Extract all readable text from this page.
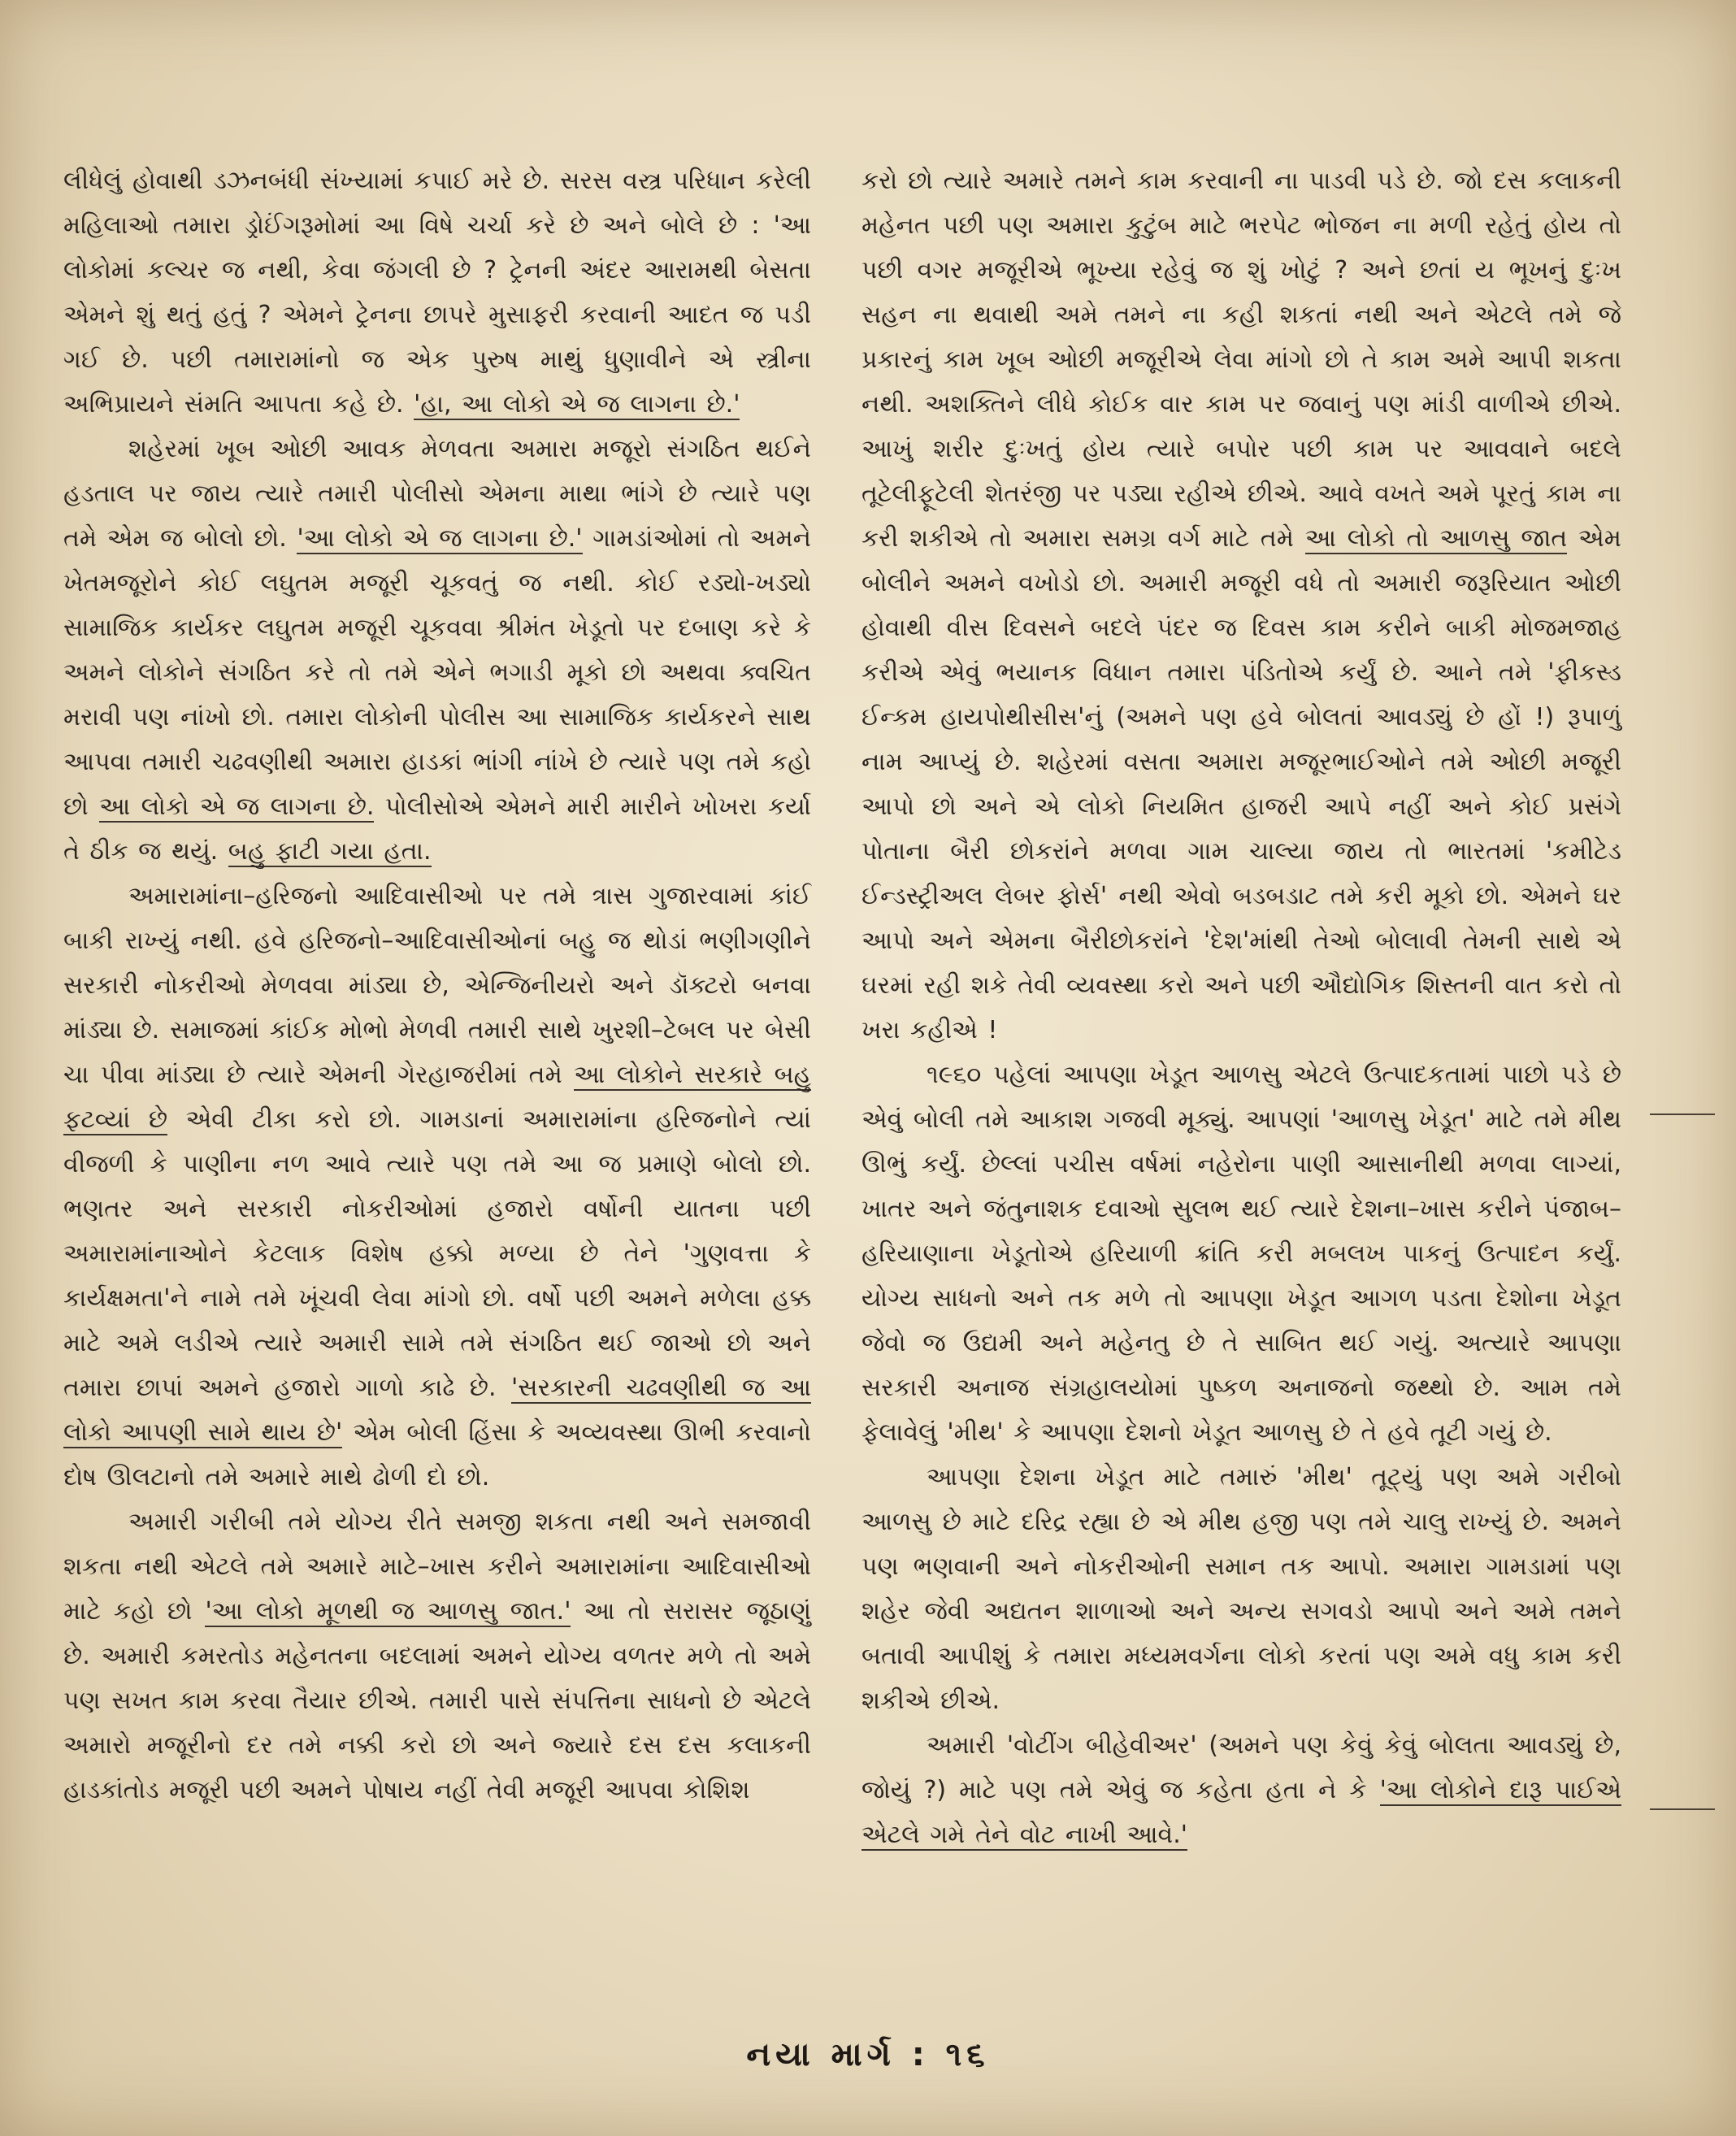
લીધેલું હોવાથી ડઝનબંધી સંખ્યામાં કપાઈ મરે છે. સરસ વસ્ત્ર પરિધાન કરેલી મહિલાઓ તમારા ડ્રોઈંગરૂમોમાં આ વિષે ચર્ચા કરે છે અને બોલે છે : 'આ લોકોમાં કલ્ચર જ નથી, કેવા જંગલી છે ? ટ્રેનની અંદર આરામથી બેસતા એમને શું થતું હતું ? એમને ટ્રેનના છાપરે મુસાફરી કરવાની આદત જ પડી ગઈ છે. પછી તમારામાંનો જ એક પુરુષ માથું ધુણાવીને એ સ્ત્રીના અભિપ્રાયને સંમતિ આપતા કહે છે. 'હા, આ લોકો એ જ લાગના છે.'

શહેરમાં ખૂબ ઓછી આવક મેળવતા અમારા મજૂરો સંગઠિત થઈને હડતાલ પર જાય ત્યારે તમારી પોલીસો એમના માથા ભાંગે છે ત્યારે પણ તમે એમ જ બોલો છો. 'આ લોકો એ જ લાગના છે.' ગામડાંઓમાં તો અમને ખેતમજૂરોને કોઈ લઘુતમ મજૂરી ચૂકવતું જ નથી. કોઈ રડ્યો-ખડ્યો સામાજિક કાર્યકર લઘુતમ મજૂરી ચૂકવવા શ્રીમંત ખેડૂતો પર દબાણ કરે કે અમને લોકોને સંગઠિત કરે તો તમે એને ભગાડી મૂકો છો અથવા ક્વચિત મરાવી પણ નાંખો છો. તમારા લોકોની પોલીસ આ સામાજિક કાર્યકરને સાથ આપવા તમારી ચઢવણીથી અમારા હાડકાં ભાંગી નાંખે છે ત્યારે પણ તમે કહો છો આ લોકો એ જ લાગના છે. પોલીસોએ એમને મારી મારીને ખોખરા કર્યા તે ઠીક જ થયું. બહુ ફાટી ગયા હતા.

અમારામાંના–હરિજનો આદિવાસીઓ પર તમે ત્રાસ ગુજારવામાં કાંઈ બાકી રાખ્યું નથી. હવે હરિજનો–આદિવાસીઓનાં બહુ જ થોડાં ભણીગણીને સરકારી નોકરીઓ મેળવવા માંડ્યા છે, એન્જિનીયરો અને ડૉક્ટરો બનવા માંડ્યા છે. સમાજમાં કાંઈક મોભો મેળવી તમારી સાથે ખુરશી–ટેબલ પર બેસી ચા પીવા માંડ્યા છે ત્યારે એમની ગેરહાજરીમાં તમે આ લોકોને સરકારે બહુ ફટવ્યાં છે એવી ટીકા કરો છો. ગામડાનાં અમારામાંના હરિજનોને ત્યાં વીજળી કે પાણીના નળ આવે ત્યારે પણ તમે આ જ પ્રમાણે બોલો છો. ભણતર અને સરકારી નોકરીઓમાં હજારો વર્ષોની યાતના પછી અમારામાંનાઓને કેટલાક વિશેષ હક્કો મળ્યા છે તેને 'ગુણવત્તા કે કાર્યક્ષમતા'ને નામે તમે ખૂંચવી લેવા માંગો છો. વર્ષો પછી અમને મળેલા હક્ક માટે અમે લડીએ ત્યારે અમારી સામે તમે સંગઠિત થઈ જાઓ છો અને તમારા છાપાં અમને હજારો ગાળો કાઢે છે. 'સરકારની ચઢવણીથી જ આ લોકો આપણી સામે થાય છે' એમ બોલી હિંસા કે અવ્યવસ્થા ઊભી કરવાનો દોષ ઊલટાનો તમે અમારે માથે ઢોળી દો છો.

અમારી ગરીબી તમે યોગ્ય રીતે સમજી શકતા નથી અને સમજાવી શકતા નથી એટલે તમે અમારે માટે–ખાસ કરીને અમારામાંના આદિવાસીઓ માટે કહો છો 'આ લોકો મૂળથી જ આળસુ જાત.' આ તો સરાસર જૂઠાણું છે. અમારી કમરતોડ મહેનતના બદલામાં અમને યોગ્ય વળતર મળે તો અમે પણ સખત કામ કરવા તૈયાર છીએ. તમારી પાસે સંપત્તિના સાધનો છે એટલે અમારો મજૂરીનો દર તમે નક્કી કરો છો અને જ્યારે દસ દસ કલાકની હાડકાંતોડ મજૂરી પછી અમને પોષાય નહીં તેવી મજૂરી આપવા કોશિશ

કરો છો ત્યારે અમારે તમને કામ કરવાની ના પાડવી પડે છે. જો દસ કલાકની મહેનત પછી પણ અમારા કુટુંબ માટે ભરપેટ ભોજન ના મળી રહેતું હોય તો પછી વગર મજૂરીએ ભૂખ્યા રહેવું જ શું ખોટું ? અને છતાં ય ભૂખનું દુઃખ સહન ના થવાથી અમે તમને ના કહી શકતાં નથી અને એટલે તમે જે પ્રકારનું કામ ખૂબ ઓછી મજૂરીએ લેવા માંગો છો તે કામ અમે આપી શકતા નથી. અશક્તિને લીધે કોઈક વાર કામ પર જવાનું પણ માંડી વાળીએ છીએ. આખું શરીર દુઃખતું હોય ત્યારે બપોર પછી કામ પર આવવાને બદલે તૂટેલીફૂટેલી શેતરંજી પર પડ્યા રહીએ છીએ. આવે વખતે અમે પૂરતું કામ ના કરી શકીએ તો અમારા સમગ્ર વર્ગ માટે તમે આ લોકો તો આળસુ જાત એમ બોલીને અમને વખોડો છો. અમારી મજૂરી વધે તો અમારી જરૂરિયાત ઓછી હોવાથી વીસ દિવસને બદલે પંદર જ દિવસ કામ કરીને બાકી મોજમજાહ કરીએ એવું ભયાનક વિધાન તમારા પંડિતોએ કર્યું છે. આને તમે 'ફીકસ્ડ ઈન્કમ હાયપોથીસીસ'નું (અમને પણ હવે બોલતાં આવડ્યું છે હોં !) રૂપાળું નામ આપ્યું છે. શહેરમાં વસતા અમારા મજૂરભાઈઓને તમે ઓછી મજૂરી આપો છો અને એ લોકો નિયમિત હાજરી આપે નહીં અને કોઈ પ્રસંગે પોતાના બૈરી છોકરાંને મળવા ગામ ચાલ્યા જાય તો ભારતમાં 'કમીટેડ ઈન્ડસ્ટ્રીઅલ લેબર ફોર્સ' નથી એવો બડબડાટ તમે કરી મૂકો છો. એમને ઘર આપો અને એમના બૈરીછોકરાંને 'દેશ'માંથી તેઓ બોલાવી તેમની સાથે એ ઘરમાં રહી શકે તેવી વ્યવસ્થા કરો અને પછી ઔદ્યોગિક શિસ્તની વાત કરો તો ખરા કહીએ !

૧૯૬૦ પહેલાં આપણા ખેડૂત આળસુ એટલે ઉત્પાદકતામાં પાછો પડે છે એવું બોલી તમે આકાશ ગજવી મૂક્યું. આપણાં 'આળસુ ખેડૂત' માટે તમે મીથ ઊભું કર્યું. છેલ્લાં પચીસ વર્ષમાં નહેરોના પાણી આસાનીથી મળવા લાગ્યાં, ખાતર અને જંતુનાશક દવાઓ સુલભ થઈ ત્યારે દેશના–ખાસ કરીને પંજાબ–હરિયાણાના ખેડૂતોએ હરિયાળી ક્રાંતિ કરી મબલખ પાકનું ઉત્પાદન કર્યું. યોગ્ય સાધનો અને તક મળે તો આપણા ખેડૂત આગળ પડતા દેશોના ખેડૂત જેવો જ ઉદ્યમી અને મહેનતુ છે તે સાબિત થઈ ગયું. અત્યારે આપણા સરકારી અનાજ સંગ્રહાલયોમાં પુષ્કળ અનાજનો જથ્થો છે. આમ તમે ફેલાવેલું 'મીથ' કે આપણા દેશનો ખેડૂત આળસુ છે તે હવે તૂટી ગયું છે.

આપણા દેશના ખેડૂત માટે તમારું 'મીથ' તૂટ્યું પણ અમે ગરીબો આળસુ છે માટે દરિદ્ર રહ્યા છે એ મીથ હજી પણ તમે ચાલુ રાખ્યું છે. અમને પણ ભણવાની અને નોકરીઓની સમાન તક આપો. અમારા ગામડામાં પણ શહેર જેવી અદ્યતન શાળાઓ અને અન્ય સગવડો આપો અને અમે તમને બતાવી આપીશું કે તમારા મધ્યમવર્ગના લોકો કરતાં પણ અમે વધુ કામ કરી શકીએ છીએ.

અમારી 'વોટીંગ બીહેવીઅર' (અમને પણ કેવું કેવું બોલતા આવડ્યું છે, જોયું ?) માટે પણ તમે એવું જ કહેતા હતા ને કે 'આ લોકોને દારૂ પાઈએ એટલે ગમે તેને વોટ નાખી આવે.'

નયા માર્ગ : ૧૬
